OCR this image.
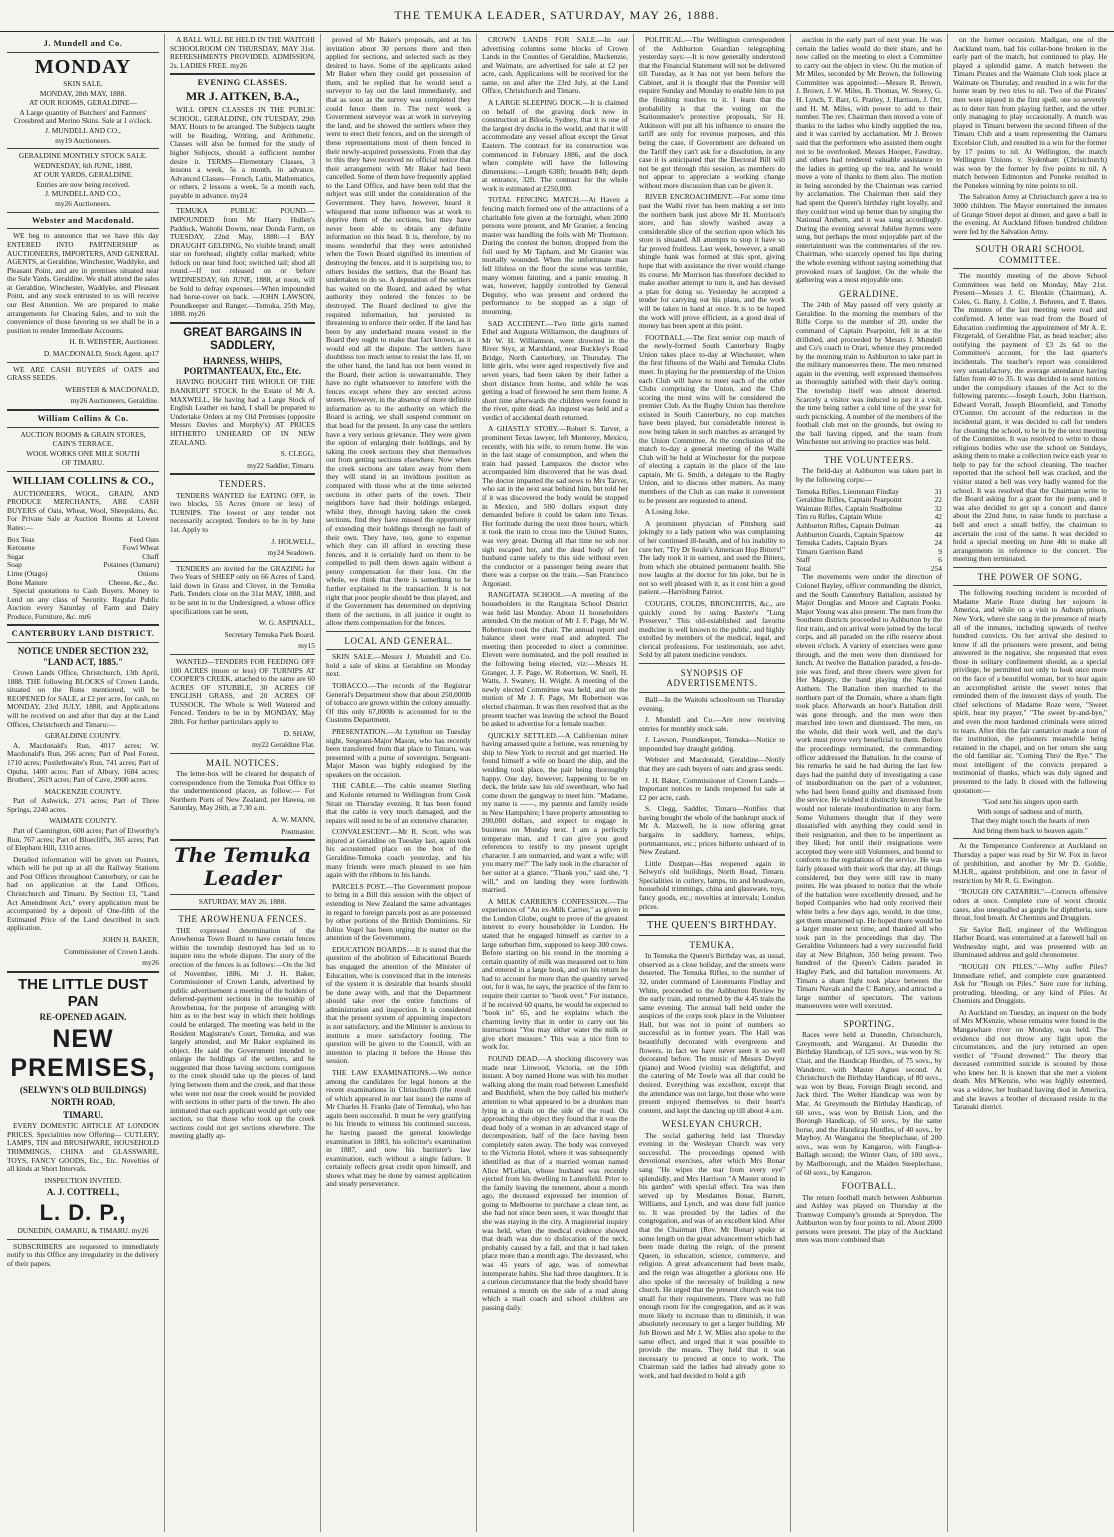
THE TEMUKA LEADER, SATURDAY, MAY 26, 1888.
J. Mundell and Co.
MONDAY
SKIN SALE.
MONDAY, 28th MAY, 1888.
AT OUR ROOMS, GERALDINE—
A Large quantity of Butchers' and Farmers' Crossbred and Merino Skins. Sale at 1 o'clock.
J. MUNDELL AND CO.,
my19 Auctioneers.
GERALDINE MONTHLY STOCK SALE.
WEDNESDAY, 6th JUNE, 1888,
AT OUR YARDS, GERALDINE.
Entries are now being received.
J. MUNDELL AND CO.,
my26 Auctioneers.
Webster and Macdonald.

WE beg to announce that we have this day ENTERED INTO PARTNERSHIP as AUCTIONEERS, IMPORTERS, AND GENERAL AGENTS, at Geraldine, Winchester, Waddyke, and Pleasant Point, and are in premises situated near the Sale Yards, Geraldine. We shall attend the sales at Geraldine, Winchester, Waddyke, and Pleasant Point, and any stock entrusted to us will receive our Best Attention. We are prepared to make arrangements for Clearing Sales, and to suit the convenience of those favoring us we shall be in a position to render Immediate Accounts.

H. B. WEBSTER, Auctioneer.
D. MACDONALD, Stock Agent. ap17

WE ARE CASH BUYERS of OATS and GRASS SEEDS.

WEBSTER & MACDONALD,
my26 Auctioneers, Geraldine.
William Collins & Co.
AUCTION ROOMS & GRAIN STORES,
CAIN'S TERRACE.
WOOL WORKS ONE MILE SOUTH
OF TIMARU.
WILLIAM COLLINS & CO.,

AUCTIONEERS, WOOL, GRAIN, AND PRODUCE MERCHANTS, ARE CASH BUYERS of Oats, Wheat, Wool, Sheepskins, &c. For Private Sale at Auction Rooms at Lowest Rates:—

Box Teas	Feed Oats
Kerosene	Fowl Wheat
Sugar	Chaff
Soap	Potatoes (Oamaru)
Lime (Otago)	Onions
Bone Manure	Cheese, &c., &c.

Special quotations to Cash Buyers. Money to Lend on any class of Security. Regular Public Auction every Saturday of Farm and Dairy Produce, Furniture, &c. mr6

CANTERBURY LAND DISTRICT.
NOTICE UNDER SECTION 232, "LAND ACT, 1885."

Crown Lands Office, Christchurch, 13th April, 1888. THE following BLOCKS of Crown Lands, situated on the Runs mentioned, will be REOPENED for SALE, at £2 per acre, for cash, on MONDAY, 23rd JULY, 1888, and Applications will be received on and after that day at the Land Offices, Christchurch and Timaru:—

GERALDINE COUNTY.

A. Macdonald's Run, 4017 acres; W. Macdonald's Run, 266 acres; Part of Peel Forest, 1710 acres; Postlethwaite's Run, 741 acres; Part of Opuha, 1400 acres; Part of Albury, 1684 acres; Brothers', 2619 acres; Part of Cave, 2900 acres.

MACKENZIE COUNTY.

Part of Ashwick, 271 acres; Part of Three Springs, 2240 acres.

WAIMATE COUNTY.

Part of Cannington, 600 acres; Part of Elworthy's Run, 767 acres; Part of Bluecliff's, 365 acres; Part of Elephant Hill, 1310 acres.

Detailed information will be given on Posters, which will be put up at all the Railway Stations and Post Offices throughout Canterbury, or can be had on application at the Land Offices, Christchurch and Timaru. By Section 13, "Land Act Amendment Act," every application must be accompanied by a deposit of One-fifth of the Estimated Price of the Land described in such application.

JOHN H. BAKER,
Commissioner of Crown Lands.
my26
THE LITTLE DUST PAN
RE-OPENED AGAIN.
NEW PREMISES,
(SELWYN'S OLD BUILDINGS)
NORTH ROAD,
TIMARU.

EVERY DOMESTIC ARTICLE AT LONDON PRICES. Specialities now Offering— CUTLERY, LAMPS, TIN and BRUSHWARE, HOUSEHOLD TRIMMINGS, CHINA and GLASSWARE, TOYS, FANCY GOODS, Etc., Etc. Novelties of all kinds at Short Intervals.

INSPECTION INVITED.
A. J. COTTRELL,
L. D. P.,
DUNEDIN, OAMARU, & TIMARU. my26

SUBSCRIBERS are requested to immediately notify to this Office any irregularity in the delivery of their papers.

A BALL WILL BE HELD IN THE WAITOHI SCHOOLROOM ON THURSDAY, MAY 31st. REFRESHMENTS PROVIDED. ADMISSION, 2s. LADIES FREE. my26

EVENING CLASSES.
MR J. AITKEN, B.A.,

WILL OPEN CLASSES IN THE PUBLIC SCHOOL, GERALDINE, ON TUESDAY, 29th MAY. Hours to be arranged. The Subjects taught will be Reading, Writing, and Arithmetic. Classes will also be formed for the study of higher Subjects, should a sufficient number desire it. TERMS—Elementary Classes, 3 lessons a week, 5s a month, in advance. Advanced Classes—French, Latin, Mathematics, or others, 2 lessons a week, 5s a month each, payable in advance. my24

TEMUKA PUBLIC POUND.—IMPOUNDED from Mr Harry Hullen's Paddock, Waitohi Downs, near Donda Farm, on TUESDAY, 22nd May, 1888:—1 BAY DRAUGHT GELDING, No visible brand; small star on forehead; slightly collar marked; white fetlock on near hind foot; switched tail; shod all round.—If not released on or before WEDNESDAY, 6th JUNE, 1888, at noon, will be Sold to defray expenses.—When impounded had horse-cover on back. —JOHN LAWSON, Poundkeeper and Ranger.—Temuka, 25th May, 1888. my26

GREAT BARGAINS IN SADDLERY,
HARNESS, WHIPS, PORTMANTEAUX, Etc., Etc.

HAVING BOUGHT THE WHOLE OF THE BANKRUPT STOCK In the Estate of Mr A. MAXWELL, He having had a Large Stock of English Leather on hand, I shall be prepared to Undertake Orders at my Old Premises (opposite Messrs Davies and Murphy's) AT PRICES HITHERTO UNHEARD OF IN NEW ZEALAND.

S. CLEGG,
my22 Saddler, Timaru.
TENDERS.

TENDERS WANTED for EATING OFF, in two blocks, 55 Acres (more or less) of TURNIPS. The lowest or any tender not necessarily accepted. Tenders to be in by June 1st. Apply to

J. HOLWELL,
my24 Seadown.

TENDERS are invited for the GRAZING for Two Years of SHEEP only on 66 Acres of Land, laid down in Grass and Clover, in the Temuka Park. Tenders close on the 31st MAY, 1888, and to be sent in to the Undersigned, a whose office specifications can be seen,

W. G. ASPINALL,
Secretary Temuka Park Board.
my15

WANTED—TENDERS FOR FEEDING OFF 100 ACRES (more or less) OF TURNIPS AT COOPER'S CREEK, attached to the same are 60 ACRES OF STUBBLE, 30 ACRES OF ENGLISH GRASS, and 20 ACRES OF TUSSOCK. The Whole is Well Watered and Fenced. Tenders to be in by MONDAY, May 28th. For further particulars apply to

D. SHAW,
my22 Geraldine Flat.
MAIL NOTICES.

The letter-box will be cleared for despatch of correspondence from the Temuka Post Office to the undermentioned places, as follow:— For Northern Ports of New Zealand, per Hawea, on Saturday, May 26th, at 7.30 a.m.

A. W. MANN,
Postmaster.
The Temuka Leader
SATURDAY, MAY 26, 1888.
THE AROWHENUA FENCES.

THE expressed determination of the Arowhenua Town Board to have certain fences within the township destroyed has led us to inquire into the whole dispute. The story of the erection of the fences is as follows:—On the 3rd of November, 1886, Mr J. H. Baker, Commissioner of Crown Lands, advertised by public advertisement a meeting of the holders of deferred-payment sections in the township of Arowhenua, for the purpose of arranging with him as to the best way in which their holdings could be enlarged. The meeting was held in the Resident Magistrate's Court, Temuka, and was largely attended, and Mr Baker explained its object. He said the Government intended to enlarge the holdings of the settlers, and he suggested that those having sections contiguous to the creek should take up the pieces of land lying between them and the creek, and that those who were not near the creek would be provided with sections in other parts of the town. He also intimated that each applicant would get only one section, so that those who took up the creek sections could not get sections elsewhere. The meeting gladly ap-

proved of Mr Baker's proposals, and at his invitation about 30 persons there and then applied for sections, and selected such as they desired to have. Some of the applicants asked Mr Baker when they could get possession of them, and he replied that he would send a surveyor to lay out the land immediately, and that as soon as the survey was completed they could fence them in. The next week a Government surveyor was at work in surveying the land, and he showed the settlers where they were to erect their fences, and on the strength of these representations most of them fenced in their newly-acquired possessions. From that day to this they have received no official notice that their arrangement with Mr Baker had been cancelled. Some of them have frequently applied to the Land Office, and have been told that the subject was still under the consideration of the Government. They have, however, heard it whispered that some influence was at work to deprive them of the sections, but they have never been able to obtain any definite information on this head. It is, therefore, by no means wonderful that they were astonished when the Town Board signified its intention of destroying the fences, and it is surprising too, to others besides the settlers, that the Board has undertaken to do so. A deputation of the settlers has waited on the Board, and asked by what authority they ordered the fences to be destroyed. The Board declined to give the required information, but persisted in threatening to enforce their order. If the land has been by any underhand means vested in the Board they ought to make that fact known, as it would end all the dispute. The settlers have doubtless too much sense to resist the law. If, on the other hand, the land has not been vested in the Board, their action is unwarrantable. They have no right whatsoever to interfere with the fences except where they are erected across streets. However, in the absence of more definite information as to the authority on which the Board is acting, we shall suspend comment on that head for the present. In any case the settlers have a very serious grievance. They were given the option of enlarging their holdings, and by taking the creek sections they shut themselves out from getting sections elsewhere. Now when the creek sections are taken away from them they will stand in an invidious position as compared with those who at the time selected sections in other parts of the town. Their neighbors have had their holdings enlarged, whilst they, through having taken the creek sections, find they have missed the opportunity of extending their holdings through no fault of their own. They have, too, gone to expense which they can ill afford in erecting these fences, and it is certainly hard on them to be compelled to pull them down again without a penny compensation for their loss. On the whole, we think that there is something to be further explained in the transaction. It is not right that poor people should be thus played, and if the Government has determined on depriving them of the sections, in all justice it ought to allow them compensation for the fences.

LOCAL AND GENERAL.

SKIN SALE.—Messrs J. Mundell and Co. hold a sale of skins at Geraldine on Monday next.

TOBACCO.—The records of the Registrar General's Department show that about 250,000lb of tobacco are grown within the colony annually. Of this only 67,000lb is accounted for to the Customs Department.

PRESENTATION.—At Lyttelton on Tuesday night, Sergeant-Major Mason, who has recently been transferred from that place to Timaru, was presented with a purse of sovereigns. Sergeant-Major Mason was highly eulogised by the speakers on the occasion.

THE CABLE.—The cable steamer Sterling and Kolonie returned to Wellington from Cook Strait on Thursday evening. It has been found that the cable is very much damaged, and the repairs will need to be of an extensive character.

CONVALESCENT.—Mr R. Scott, who was injured at Geraldine on Tuesday last, again took his accustomed place on the box of the Geraldine-Temuka coach yesterday, and his many friends were much pleased to see him again with the ribbons in his hands.

PARCELS POST.—The Government propose to bring in a Bill this session with the object of extending to New Zealand the same advantages in regard to foreign parcels post as are possessed by other portions of the British Dominions. Sir Julius Vogel has been urging the matter on the attention of the Government.

EDUCATION BOARDS.—It is stated that the question of the abolition of Educational Boards has engaged the attention of the Minister of Education, who is convinced that in the interests of the system it is desirable that boards should be done away with, and that the Department should take over the entire functions of administration and inspection. It is considered that the present system of appointing inspectors is not satisfactory, and the Minister is anxious to institute a more satisfactory footing. The question will be given to the Council, with an intention to placing it before the House this session.

THE LAW EXAMINATIONS.—We notice among the candidates for legal honors at the recent examinations in Christchurch (the result of which appeared in our last issue) the name of Mr Charles H. Franks (late of Temuka), who has again been successful. It must be very gratifying to his friends to witness his continued success, he having passed the general knowledge examination in 1883, his solicitor's examination in 1887, and now his barrister's law examination, each without a single failure. It certainly reflects great credit upon himself, and shows what may be done by earnest application and steady perseverance.

CROWN LANDS FOR SALE.—In our advertising columns some blocks of Crown Lands in the Counties of Geraldine, Mackenzie, and Waimate, are advertised for sale at £2 per acre, cash. Applications will be received for the same, on and after the 23rd July, at the Land Office, Christchurch and Timaru.

A LARGE SLEEPING DOCK.—It is claimed on behalf of the graving dock now in construction at Biloela, Sydney, that it is one of the largest dry docks in the world, and that it will accommodate any vessel afloat except the Great Eastern. The contract for its construction was commenced in February 1886, and the dock when complete will have the following dimensions:—Length 638ft; breadth 84ft; depth at entrance, 32ft. The contract for the whole work is estimated at £250,000.

TOTAL FENCING MATCH.—At Haven a fencing match formed one of the attractions of a charitable fete given at the fortnight, when 2000 persons were present, and Mr Granier, a fencing master was handling the foils with Mr Thomson. During the contest the button, dropped from the foil used by Mr Tapham, and Mr Granier was mortally wounded. When the unfortunate man fell lifeless on the floor the scene was terrible, many women fainting, and a panic ensuing. It was, however, happily controlled by General Deguisy, who was present and ordered the performance to be stopped as a sign of mourning.

SAD ACCIDENT.—Two little girls named Ethel and Augusta Williamson, the daughters of Mr W. H. Williamson, were drowned in the River Styx, at Marshland, near Buckley's Road Bridge, North Canterbury, on Thursday. The little girls, who were aged respectively five and seven years, had been taken by their father a short distance from home, and while he was getting a load of firewood he sent them home. A short time afterwards the children were found in the river, quite dead. An inquest was held and a verdict of accidental death returned.

A GHASTLY STORY.—Robert S. Tarver, a prominent Texas lawyer, left Monterey, Mexico, recently, with his wife, to return home. He was in the last stage of consumption, and when the train had passed Lampazos the doctor who accompanied him discovered that he was dead. The doctor imparted the sad news to Mrs Tarver, who sat in the next seat behind him, but told her if it was discovered the body would be stopped in Mexico, and 500 dollars export duty demanded before it could be taken into Texas. Her fortitude during the next three hours, which it took the train to cross into the United States, was very great. During all that time no sob nor sigh escaped her, and the dead body of her husband came safely to this side without even the conductor or a passenger being aware that there was a corpse on the train.—San Francisco Argonaut.

RANGITATA SCHOOL.—A meeting of the householders in the Rangitata School District was held last Monday. About 11 householders attended. On the motion of Mr J. F. Page, Mr W. Robertson took the chair. The annual report and balance sheet were read and adopted. The meeting then proceeded to elect a committee. Eleven were nominated, and the poll resulted in the following being elected, viz:—Messrs H. Granger, J. F. Page, W. Robertson, W. Snell, H. Watts, J. Swaney, H. Wright. A meeting of the newly elected Committee was held, and on the motion of Mr J. F. Page, Mr Robertson was elected chairman. It was then resolved that as the present teacher was leaving the school the Board be asked to advertise for a female teacher.

QUICKLY SETTLED.—A Californian miner having amassed quite a fortune, was returning by ship to New York to recruit and get married. He found himself a wife on board the ship, and the wedding took place, the pair being thoroughly happy. One day, however, happening to be on deck, the bride saw his old sweetheart, who had come down the gangway to meet him. "Madame, my name is ——, my parents and family reside in New Hampshire; I have property amounting to 200,000 dollars, and expect to engage in business on Monday next. I am a perfectly temperate man, and I can give you good references to testify to my present upright character. I am unmarried, and want a wife; will you marry me?" The lady took in the character of her suitor at a glance. "Thank you," said she, "I will," and on landing they were forthwith married.

A MILK CARRIER'S CONFESSION.—The experiences of "An ex-Milk Carrier," as given in the London Globe, ought to prove of the greatest interest to every householder in London. He stated that he engaged himself as carrier to a large suburban firm, supposed to keep 300 cows. Before starting on his round in the morning a certain quantity of milk was measured out to him and entered in a large book, and on his return he had to account for more than the quantity served out, for it was, he says, the practice of the firm to require their carrier to "book over." For instance, if he received 60 quarts, he would be expected to "book in" 65, and he explains which the charming levity that in order to carry out his instructions "You may either water the milk or give short measure." This was a nice firm to work for.

FOUND DEAD.—A shocking discovery was made near Linwood, Victoria, on the 10th instant. A boy named Home was with his mother walking along the main road between Lanesfield and Bushfield, when the boy called his mother's attention to what appeared to be a drunken man lying in a drain on the side of the road. On approaching the object they found that it was the dead body of a woman in an advanced stage of decomposition, half of the face having been completely eaten away. The body was conveyed to the Victoria Hotel, where it was subsequently identified as that of a married woman named Alice M'Lellan, whose husband was recently ejected from his dwelling in Lanesfield. Prior to the family leaving the tenement, about a month ago, the deceased expressed her intention of going to Melbourne to purchase a clean tent, as she had not since been seen, it was thought that she was staying in the city. A magisterial inquiry was held, when the medical evidence showed that death was due to dislocation of the neck, probably caused by a fall, and that it had taken place more than a month ago. The deceased, who was 45 years of age, was of somewhat intemperate habits. She had three daughters. It is a curious circumstance that the body should have remained a month on the side of a road along which a mail coach and school children are passing daily.

POLITICAL.—The Wellington correspondent of the Ashburton Guardian telegraphing yesterday says:—It is now generally understood that the Financial Statement will not be delivered till Tuesday, as it has not yet been before the Cabinet, and it is thought that the Premier will require Sunday and Monday to enable him to put the finishing touches to it. I learn that the probability is that the voting on the Stationmaster's protective proposals, Sir H. Atkinson will put all his influence to ensure the tariff are only for revenue purposes, and this being the case, if Government are defeated on the Tariff they can't ask for a dissolution, in any case it is anticipated that the Electoral Bill will not be got through this session, as members do not appear to appreciate a working change without more discussion than can be given it.

RIVER ENCROACHMENT.—For some time past the Waihi river has been making a set into the northern bank just above Mr H. Morrison's store, and has slowly washed away a considerable slice of the section upon which his store is situated. All attempts to stop it have so far proved fruitless. Last week, however, a small shingle bank was formed at this spot, giving hope that with assistance the river would change its course. Mr Morrison has therefore decided to make another attempt to turn it, and has devised a plan for doing so. Yesterday he accepted a tender for carrying out his plans, and the work will be taken in hand at once. It is to be hoped the work will prove efficient, as a good deal of money has been spent at this point.

FOOTBALL.—The first senior cup match of the newly-formed South Canterbury Rugby Union takes place to-day at Winchester, when the first fifteens of the Waihi and Temuka Clubs meet. In playing for the premiership of the Union each Club will have to meet each of the other Clubs comprising the Union, and the Club scoring the most wins will be considered the premier Club. As the Rugby Union has therefore existed in South Canterbury, no cup matches have been played, but considerable interest is now being taken in such matches as arranged by the Union Committee. At the conclusion of the match to-day a general meeting of the Waihi Club will be held at Winchester for the purpose of electing a captain in the place of the late captain, Mr G. Smith, a delegate to the Rugby Union, and to discuss other matters. As many members of the Club as can make it convenient to be present are requested to attend.

A Losing Joke.

A prominent physician of Pittsburg said jokingly to a lady patient who was complaining of her continued ill-health, and of his inability to cure her, "Try Dr Soule's American Hop Bitters!" The lady took it in earnest, and used the Bitters, from which she obtained permanent health. She now laughs at the doctor for his joke, but he is not so well pleased with it, as it cost him a good patient.—Harrisburg Patriot.

COUGHS, COLDS, BRONCHITIS, &c., are quickly cured by using Baxter's "Lung Preserver." This old-established and favorite medicine is well known to the public, and highly extolled by members of the medical, legal, and clerical professions. For testimonials, see advt. Sold by all patent medicine vendors.

SYNOPSIS OF ADVERTISEMENTS.

Ball—In the Waitohi schoolroom on Thursday evening.

J. Mundell and Co.—Are now receiving entries for monthly stock sale.

J. Lawson, Poundkeeper, Temuka—Notice re impounded bay draught gelding.

Webster and Macdonald, Geraldine—Notify that they are cash buyers of oats and grass seeds.

J. H. Baker, Commissioner of Crown Lands—Important notices re lands reopened for sale at £2 per acre, cash.

S. Clegg, Saddler, Timaru—Notifies that having bought the whole of the bankrupt stock of Mr A. Maxwell, he is now offering great bargains in saddlery, harness, whips, portmanteaux, etc.; prices hitherto unheard of in New Zealand.

Little Dustpan—Has reopened again in Selwyn's old buildings, North Road, Timaru. Specialities in cutlery, lamps, tin and brushware, household trimmings, china and glassware, toys, fancy goods, etc.; novelties at intervals; London prices.

THE QUEEN'S BIRTHDAY.
TEMUKA.

In Temuka the Queen's Birthday was, as usual, observed as a close holiday, and the streets were deserted. The Temuka Rifles, to the number of 32, under command of Lieutenants Findlay and White, proceeded to the Ashburton Review by the early train, and returned by the 4.45 train the same evening. The annual ball held under the auspices of the corps took place in the Volunteer Hall, but was not in point of numbers so successful as in former years. The Hall was beautifully decorated with evergreens and flowers, in fact we have never seen it so well decorated before. The music of Messrs Dwyer (piano) and Wood (violin) was delightful, and the catering of Mr Towle was all that could be desired. Everything was excellent, except that the attendance was not large, but those who were present enjoyed themselves to their heart's content, and kept the dancing up till about 4 a.m.

WESLEYAN CHURCH.

The social gathering held last Thursday evening in the Wesleyan Church was very successful. The proceedings opened with devotional exercises, after which Mrs Bonar sang "He wipes the tear from every eye" splendidly, and Mrs Harrison "A Master stood in his garden" with special effect. Tea was then served up by Mesdames Bonar, Barrett, Williams, and Lynch, and was done full justice to. It was presided by the ladies of the congregation, and was of an excellent kind. After that the Chairman (Rev. Mr Bonar) spoke at some length on the great advancement which had been made during the reign, of the present Queen, in education, science, commerce, and religion. A great advancement had been made, and the reign was altogether a glorious one. He also spoke of the necessity of building a new church. He urged that the present church was too small for their requirements. There was no full enough room for the congregation, and as it was more likely to increase than to diminish, it was absolutely necessary to get a larger building. Mr Job Brown and Mr J. W. Miles also spoke to the same effect, and urged that it was possible to provide the means. They held that it was necessary to proceed at once to work. The Chairman said the ladies had already gone to work, and had decided to hold a gift

auction in the early part of next year. He was certain the ladies would do their share, and he now called on the meeting to elect a Committee to carry out the object in view. On the motion of Mr Miles, seconded by Mr Brown, the following Committee was appointed:—Messrs R. Brown, J. Brown, J. W. Miles, B. Thomas, W. Storey, G. H. Lynch, T. Barr, G. Pratley, J. Harrison, J. Orr, and H. M. Miles, with power to add to their number. The rev. Chairman then moved a vote of thanks to the ladies who kindly supplied the tea, and it was carried by acclamation. Mr J. Brown said that the performers who assisted them ought not to be overlooked. Messrs Hooper, Fawdray, and others had rendered valuable assistance to the ladies in getting up the tea, and he would move a vote of thanks to them also. The motion in being seconded by the Chairman was carried by acclamation. The Chairman then said they had spent the Queen's birthday right loyally, and they could not wind up better than by singing the National Anthem, and it was sung accordingly. During the evening several Jubilee hymns were sung, but perhaps the most enjoyable part of the entertainment was the commentaries of the rev. Chairman, who scarcely opened his lips during the whole evening without saying something that provoked roars of laughter. On the whole the gathering was a most enjoyable one.

GERALDINE.

The 24th of May passed off very quietly at Geraldine. In the morning the members of the Rifle Corps to the number of 20, under the command of Captain Pearpoint, fell in at the drillshed, and proceeded by Messrs J. Mundell and Co's coach to Orari, whence they proceeded by the morning train to Ashburton to take part in the military manoeuvres there. The men returned again in the evening, well expressed themselves as thoroughly satisfied with their day's outing. The township itself was almost deserted. Scarcely a visitor was induced to pay it a visit, the time being rather a cold time of the year for such picnicking. A number of the members of the football club met on the grounds, but owing to the ball having ripped, and the team from Winchester not arriving no practice was held.

THE VOLUNTEERS.

The field-day at Ashburton was taken part in by the following corps:—

Temuka Rifles, Lieutenant Findlay	31
Geraldine Rifles, Captain Pearpoint	22
Waimate Rifles, Captain Studholme	32
Tim ru Rifles, Captain White	42
Ashburton Rifles, Captain Dolman	44
Ashburton Guards, Captain Sparrow	44
Temuka Cadets, Captain Byars	24
Timaru Garrison Band	9
Staff	6
Total	254

The movements were under the direction of Colonel Bayley, officer commanding the district, and the South Canterbury Battalion, assisted by Major Douglas and Moore and Captain Pooks. Major Young was also present. The men from the Southern districts proceeded to Ashburton by the first train, and on arrival were joined by the local corps, and all paraded on the rifle reserve about eleven o'clock. A variety of exercises were gone through, and the men were then dismissed for lunch. At twelve the Battalion paraded, a feu-de-joie was fired, and three cheers were given for Her Majesty, the band playing the National Anthem. The Battalion then marched to the northern part of the Domain, where a sham fight took place. Afterwards an hour's Battalion drill was gone through, and the men were then marched into town and dismissed. The men, on the whole, did their work well, and the day's work must prove very beneficial to them. Before the proceedings terminated, the commanding officer addressed the Battalion. In the course of his remarks he said he had during the last few days had the painful duty of investigating a case of insubordination on the part of a volunteer, who had been found guilty and dismissed from the service. He wished it distinctly known that he would not tolerate insubordination in any form. Some Volunteers thought that if they were dissatisfied with anything they could send in their resignation, and then to be impertinent as they liked; but until their resignations were accepted they were still Volunteers, and bound to conform to the regulations of the service. He was fairly pleased with their work that day, all things considered, but they were still raw in many points. He was pleased to notice that the whole of the battalion were excellently dressed, and he hoped Companies who had only received their white belts a few days ago, would, in due time, get them smartened up. He hoped there would be a larger muster next time, and thanked all who took part in the proceedings that day. The Geraldine Volunteers had a very successful field day at New Brighton, 350 being present. Two hundred of the Queen's Cadets paraded in Hagley Park, and did battalion movements. At Timaru a sham fight took place between the Timaru Navals and the C Battery, and attracted a large number of spectators. The various manoeuvres were well executed.

SPORTING.

Races were held at Dunedin, Christchurch, Greymouth, and Wanganui. At Dunedin the Birthday Handicap, of 125 sovs., was won by St. Clair, and the Handicap Hurdles, of 75 sovs., by Wanderer, with Master Agnes second. At Christchurch the Birthday Handicap, of 80 sovs., was won by Beau, Foreign Bragh second, and Jack third. The Welter Handicap was won by Mac. At Greymouth the Birthday Handicap, of 60 sovs., was won by British Lion, and the Borough Handicap, of 50 sovs., by the same horse, and the Handicap Hurdles, of 40 sovs., by Mayboy. At Wanganui the Steeplechase, of 200 sovs., was won by Kangaroo, with Faugh-a-Ballagh second; the Winter Oats, of 100 sovs., by Marlborough, and the Maiden Steeplechase, of 60 sovs., by Kangaroo.

FOOTBALL.

The return football match between Ashburton and Ashley was played on Thursday at the Tramway Company's grounds at Spreydon. The Ashburton won by four points to nil. About 2000 persons were present. The play of the Auckland men was more combined than

on the former occasion. Madigan, one of the Auckland team, had his collar-bone broken in the early part of the match, but continued to play. He played a splendid game. A match between the Timaru Pirates and the Waimate Club took place at Waimate on Thursday, and resulted in a win for the home team by two tries to nil. Two of the Pirates' men were injured in the first spell, one so severely as to deter him from playing further, and the other only managing to play occasionally. A match was played in Timaru between the second fifteen of the Timaru Club and a team representing the Oamaru Excelsior Club, and resulted in a win for the former by 17 points to nil. At Wellington, the match Wellington Unions v. Sydenham (Christchurch) was won by the former by five points to nil. A match between Edmonton and Poneke resulted in the Ponekes winning by nine points to nil.

The Salvation Army at Christchurch gave a tea to 3000 children. The Mayor entertained the inmates of Grange Street depot at dinner, and gave a ball in the evening. At Auckland fifteen hundred children were fed by the Salvation Army.

SOUTH ORARI SCHOOL COMMITTEE.

The monthly meeting of the above School Committees was held on Monday, May 21st. Present—Messrs J. C. Blenkin (Chairman), A. Coles, G. Batty, J. Collie, J. Behrens, and T. Bates. The minutes of the last meeting were read and confirmed. A letter was read from the Board of Education confirming the appointment of Mr A. E. Fitzgerald, of Geraldine Flat, as head teacher; also notifying the payment of £3 2s 6d to the Committee's account, for the last quarter's incidentals. The teacher's report was considered very unsatisfactory, the average attendance having fallen from 40 to 35. It was decided to send notices under the compulsory clauses of the Act to the following parents:—Joseph Louch, John Harrison, Edward Verrall, Joseph Bloomfield, and Timothy O'Connor. On account of the reduction in the incidental grant, it was decided to call for tenders for cleaning the school, to be in by the next meeting of the Committee. It was resolved to write to those religious bodies who use the school on Sundays, asking them to make a collection twice each year to help to pay for the school cleaning. The teacher reported that the school bell was cracked, and the visitor stated a bell was very badly wanted for the school. It was resolved that the Chairman write to the Board asking for a grant for the pump, and it was also decided to get up a concert and dance about the 22nd June, to raise funds to purchase a bell and erect a small belfry, the chairman to ascertain the cost of the same. It was decided to hold a special meeting on June 4th to make all arrangements in reference to the concert. The meeting then terminated.

THE POWER OF SONG.

The following touching incident is recorded of Madame Marie Roze during her sojourn in America, and while on a visit to Auburn prison, New York, where she sang in the presence of nearly all of the inmates, including upwards of twelve hundred convicts. On her arrival she desired to know if all the prisoners were present, and being answered in the negative, she requested that even those in solitary confinement should, as a special privilege, be permitted not only to look once more on the face of a beautiful woman, but to hear again an accomplished artiste the sweet notes that reminded them of the innocent days of youth. The chief selections of Madame Roze were, "Sweet spirit, hear my prayer," "The sweet by-and-bye," and even the most hardened criminals were stirred to tears. After this the fair cantatrice made a tour of the institution, the prisoners meanwhile being retained in the chapel, and on her return she sang the old familiar air, "Coming Thro' the Rye." The most intelligent of the convicts prepared a testimonial of thanks, which was duly signed and presented to the lady. It closed with the following quotation:—

"God sent his singers upon earth
With songs of sadness and of mirth,
That they might touch the hearts of men
And bring them back to heaven again."

At the Temperance Conference at Auckland on Thursday a paper was read by Sir W. Fox in favor of prohibition, and another by Mr D. Goldie, M.H.R., against prohibition, and one in favor of restriction by Mr R. G. Ewington.

"ROUGH ON CATARRH."—Corrects offensive odors at once. Complete cure of worst chronic cases, also unequalled as gargle for diphtheria, sore throat, foul breath. At Chemists and Druggists.

Sir Saylor Bell, engineer of the Wellington Harbor Board, was entertained at a farewell ball on Wednesday night, and was presented with an illuminated address and gold chronometer.

"ROUGH ON PILES."—Why suffer Piles? Immediate relief, and complete cure guaranteed. Ask for "Rough on Piles." Sure cure for itching, protruding, bleeding, or any kind of Piles. At Chemists and Druggists.

At Auckland on Tuesday, an inquest on the body of Mrs M'Kenzie, whose remains were found in the Mangawhare river on Monday, was held. The evidence did not throw any light upon the circumstances, and the jury returned an open verdict of "Found drowned." The theory that deceased committed suicide is scouted by those who knew her. It is known that she met a violent death. Mrs M'Kenzie, who was highly esteemed, was a widow, her husband having died in America, and she leaves a brother of deceased reside in the Taranaki district.
